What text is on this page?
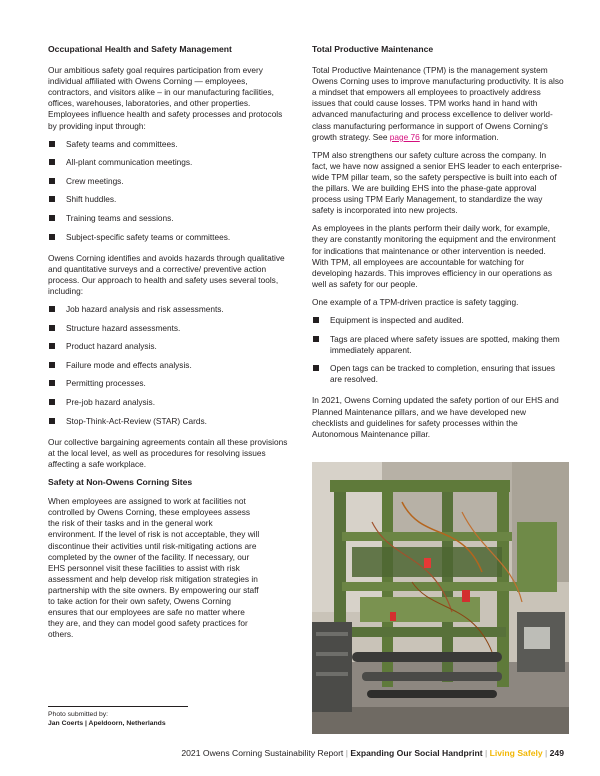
Occupational Health and Safety Management

Our ambitious safety goal requires participation from every individual affiliated with Owens Corning — employees, contractors, and visitors alike – in our manufacturing facilities, offices, warehouses, laboratories, and other properties. Employees influence health and safety processes and protocols by providing input through:

Safety teams and committees.
All-plant communication meetings.
Crew meetings.
Shift huddles.
Training teams and sessions.
Subject-specific safety teams or committees.

Owens Corning identifies and avoids hazards through qualitative and quantitative surveys and a corrective/ preventive action process. Our approach to health and safety uses several tools, including:

Job hazard analysis and risk assessments.
Structure hazard assessments.
Product hazard analysis.
Failure mode and effects analysis.
Permitting processes.
Pre-job hazard analysis.
Stop-Think-Act-Review (STAR) Cards.

Our collective bargaining agreements contain all these provisions at the local level, as well as procedures for resolving issues affecting a safe workplace.

Safety at Non-Owens Corning Sites

When employees are assigned to work at facilities not controlled by Owens Corning, these employees assess the risk of their tasks and in the general work environment. If the level of risk is not acceptable, they will discontinue their activities until risk-mitigating actions are completed by the owner of the facility. If necessary, our EHS personnel visit these facilities to assist with risk assessment and help develop risk mitigation strategies in partnership with the site owners. By empowering our staff to take action for their own safety, Owens Corning ensures that our employees are safe no matter where they are, and they can model good safety practices for others.

Total Productive Maintenance

Total Productive Maintenance (TPM) is the management system Owens Corning uses to improve manufacturing productivity. It is also a mindset that empowers all employees to proactively address issues that could cause losses. TPM works hand in hand with advanced manufacturing and process excellence to deliver world-class manufacturing performance in support of Owens Corning's growth strategy. See page 76 for more information.

TPM also strengthens our safety culture across the company. In fact, we have now assigned a senior EHS leader to each enterprise-wide TPM pillar team, so the safety perspective is built into each of the pillars. We are building EHS into the phase-gate approval process using TPM Early Management, to standardize the way safety is incorporated into new projects.

As employees in the plants perform their daily work, for example, they are constantly monitoring the equipment and the environment for indications that maintenance or other intervention is needed. With TPM, all employees are accountable for watching for developing hazards. This improves efficiency in our operations as well as safety for our people.

One example of a TPM-driven practice is safety tagging.

Equipment is inspected and audited.
Tags are placed where safety issues are spotted, making them immediately apparent.
Open tags can be tracked to completion, ensuring that issues are resolved.

In 2021, Owens Corning updated the safety portion of our EHS and Planned Maintenance pillars, and we have developed new checklists and guidelines for safety processes within the Autonomous Maintenance pillar.

Photo submitted by:
Jan Coerts | Apeldoorn, Netherlands
2021 Owens Corning Sustainability Report | Expanding Our Social Handprint | Living Safely | 249
